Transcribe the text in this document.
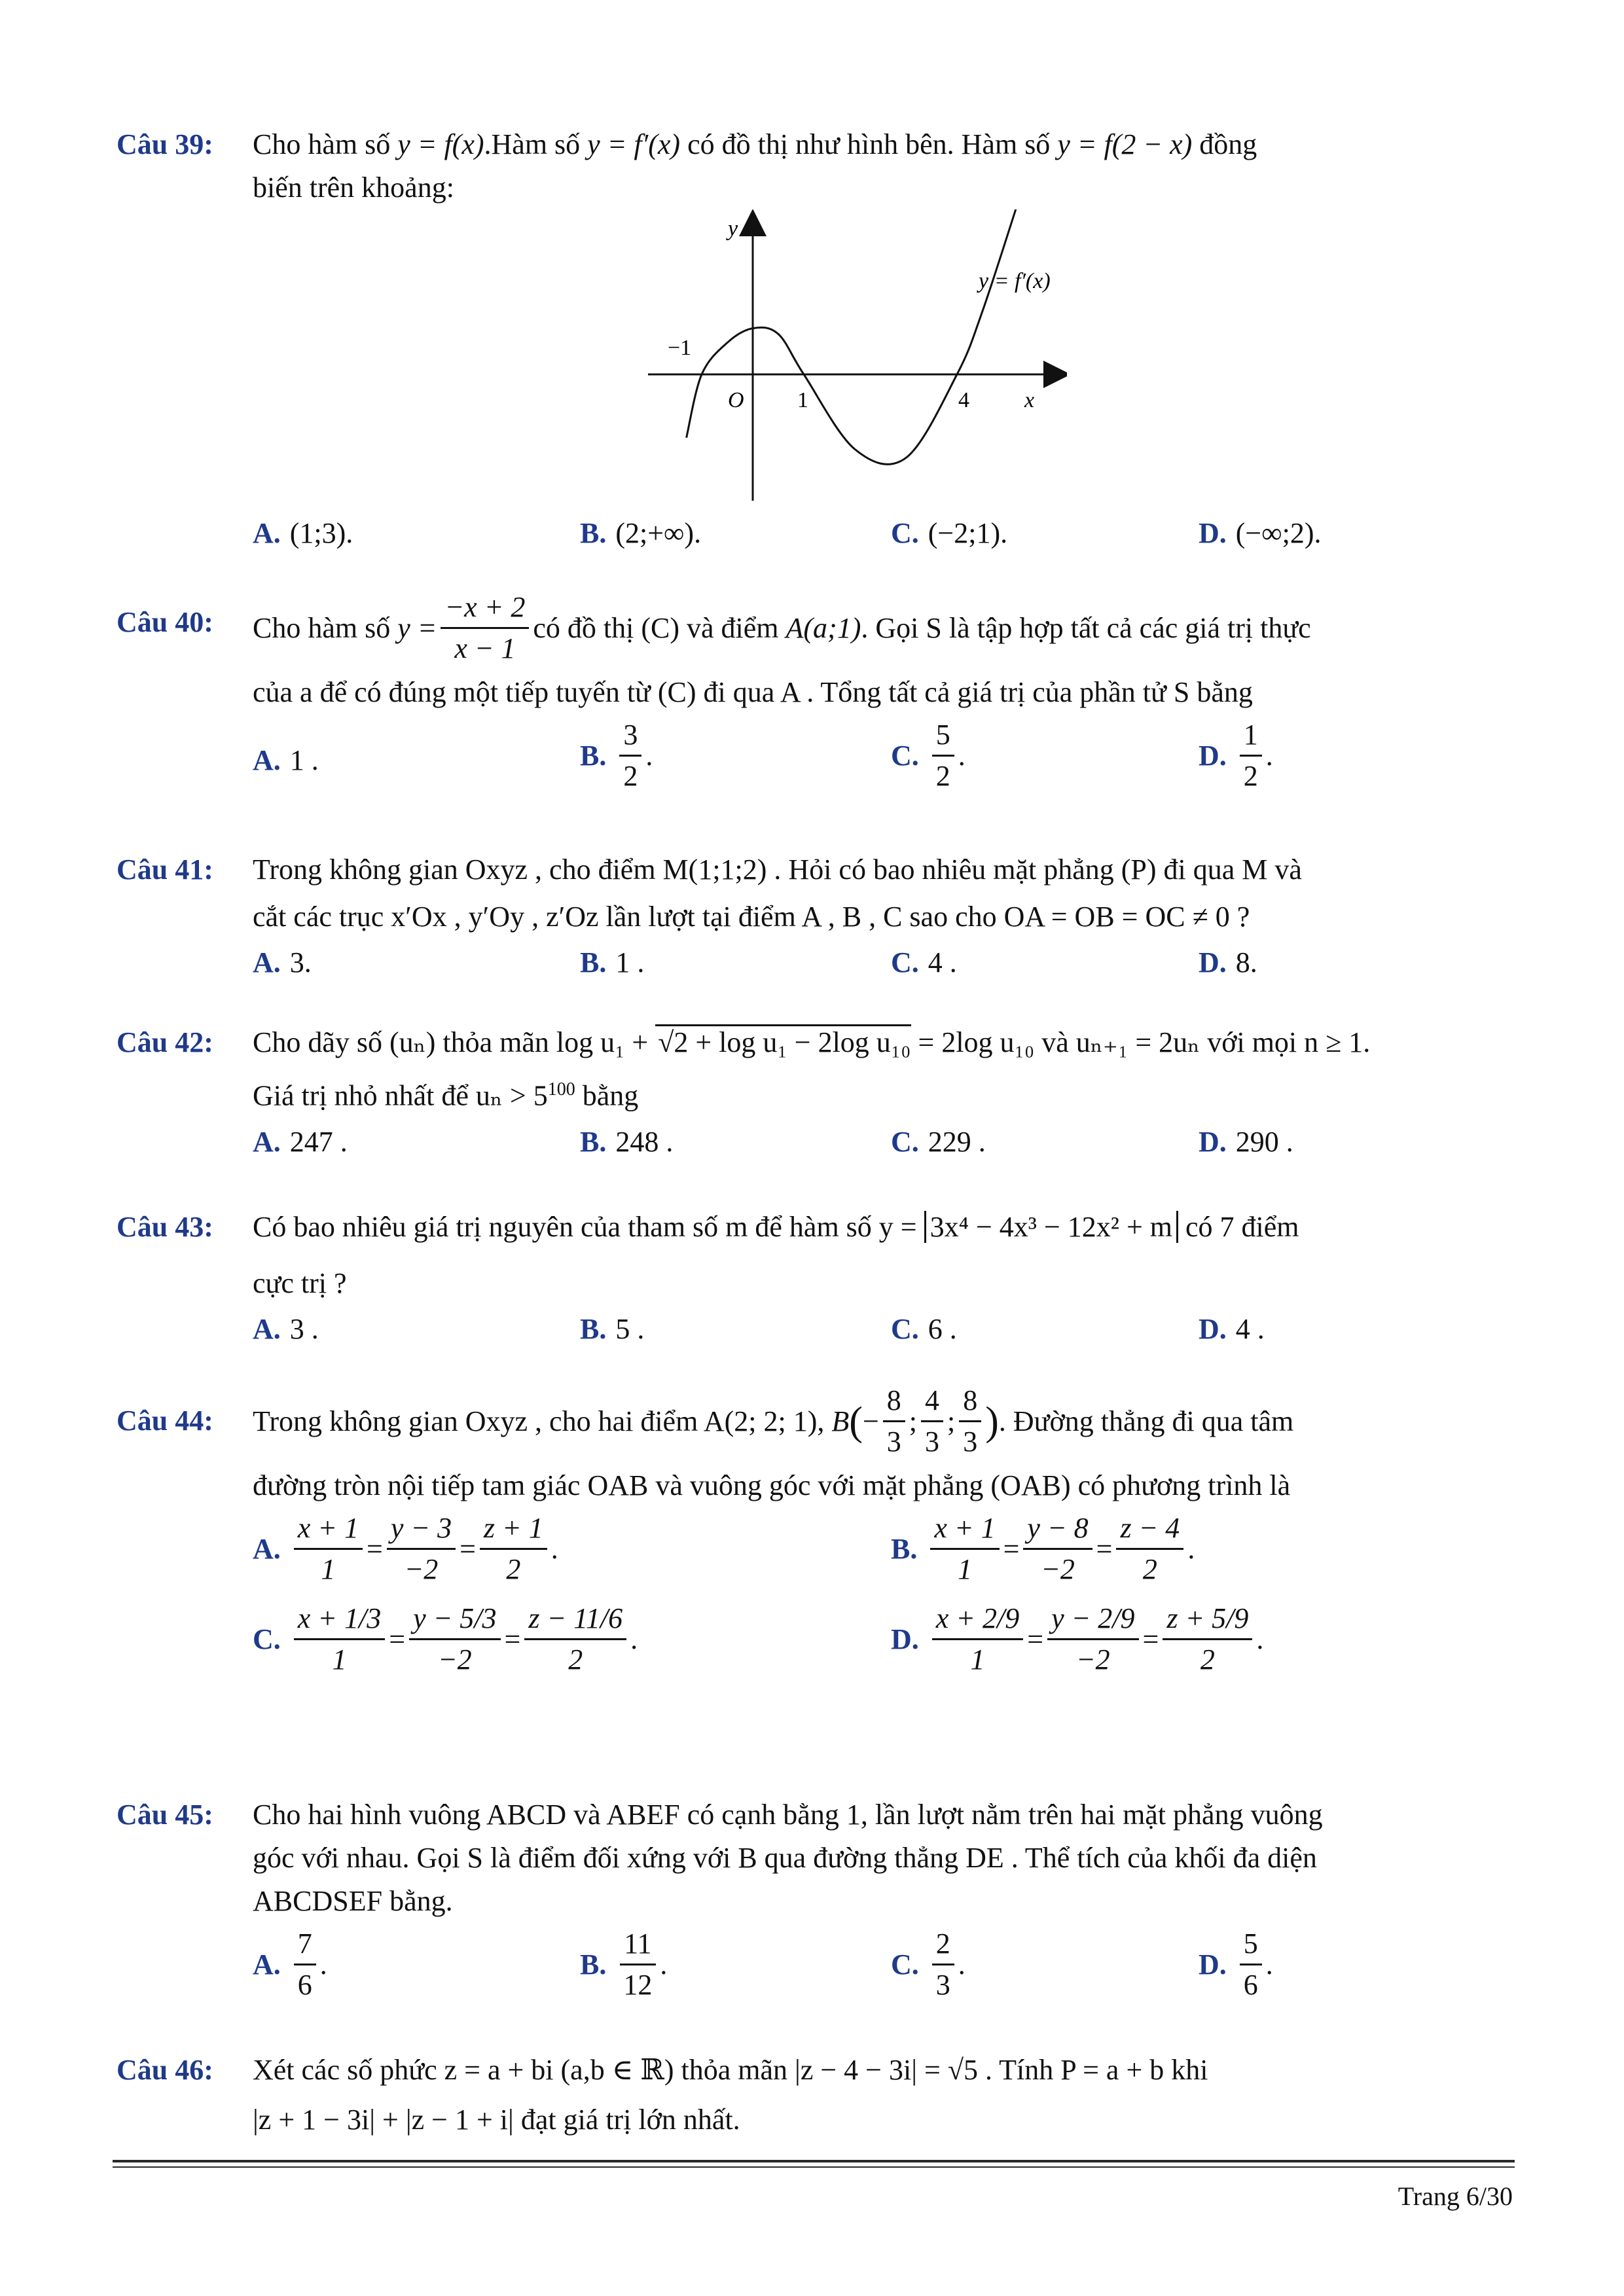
Câu 39: Cho hàm số y = f(x).Hàm số y = f′(x) có đồ thị như hình bên. Hàm số y = f(2 − x) đồng
biến trên khoảng:
y
x
O
−1
1	4
y = f′(x)
A. (1;3).	B. (2;+∞).	C. (−2;1).	D. (−∞;2).
Câu 40: Cho hàm số
$y = \frac{-x + 2}{x - 1}$ có đồ thị (C) và điểm
A(a;1) . Gọi S là tập hợp tất cả các giá trị thực
của a để có đúng một tiếp tuyến từ (C) đi qua A . Tổng tất cả giá trị của phần tử S bằng
A. 1 .	B. $\frac{3}{2}$ .	C. $\frac{5}{2}$ .	D. $\frac{1}{2}$ .
Câu 41: Trong không gian Oxyz , cho điểm M(1;1;2) . Hỏi có bao nhiêu mặt phẳng (P) đi qua M và
cắt các trục x′Ox , y′Oy , z′Oz lần lượt tại điểm A , B , C sao cho OA = OB = OC ≠ 0 ?
A. 3.	B. 1 .	C. 4 .	D. 8.
Câu 42: Cho dãy số (uₙ) thỏa mãn log u₁ + √2 + log u₁ − 2log u₁₀ = 2log u₁₀ và uₙ₊₁ = 2uₙ với mọi n ≥ 1.
Giá trị nhỏ nhất để $u_n > 5^{100}$ bằng
A. 247 .	B. 248 .	C. 229 .	D. 290 .
Câu 43: Có bao nhiêu giá trị nguyên của tham số m để hàm số y = 3x⁴ − 4x³ − 12x² + m có 7 điểm
cực trị ?
A. 3 .	B. 5 .	C. 6 .	D. 4 .
Câu 44: Trong không gian Oxyz , cho hai điểm A(2; 2; 1),
B ( − $\frac{8}{3}$ ; $\frac{4}{3}$ ; $\frac{8}{3}$ ) . Đường thẳng đi qua tâm
đường tròn nội tiếp tam giác OAB và vuông góc với mặt phẳng (OAB) có phương trình là
A. $\frac{x + 1}{1} = \frac{y - 3}{-2} = \frac{z + 1}{2}$ .	B. $\frac{x + 1}{1} = \frac{y - 8}{-2} = \frac{z - 4}{2}$ .
C. $\frac{x + 1/3}{1} = \frac{y - 5/3}{-2} = \frac{z - 11/6}{2}$ .	D. $\frac{x + 2/9}{1} = \frac{y - 2/9}{-2} = \frac{z + 5/9}{2}$ .
Câu 45: Cho hai hình vuông ABCD và ABEF có cạnh bằng 1, lần lượt nằm trên hai mặt phẳng vuông
góc với nhau. Gọi S là điểm đối xứng với B qua đường thẳng DE . Thể tích của khối đa diện
ABCDSEF bằng.
A. $\frac{7}{6}$ .	B. $\frac{11}{12}$ .	C. $\frac{2}{3}$ .	D. $\frac{5}{6}$ .
Câu 46: Xét các số phức z = a + bi (a,b ∈ ℝ) thỏa mãn |z − 4 − 3i| = √5 . Tính P = a + b khi
|z + 1 − 3i| + |z − 1 + i| đạt giá trị lớn nhất.
Trang 6/30
